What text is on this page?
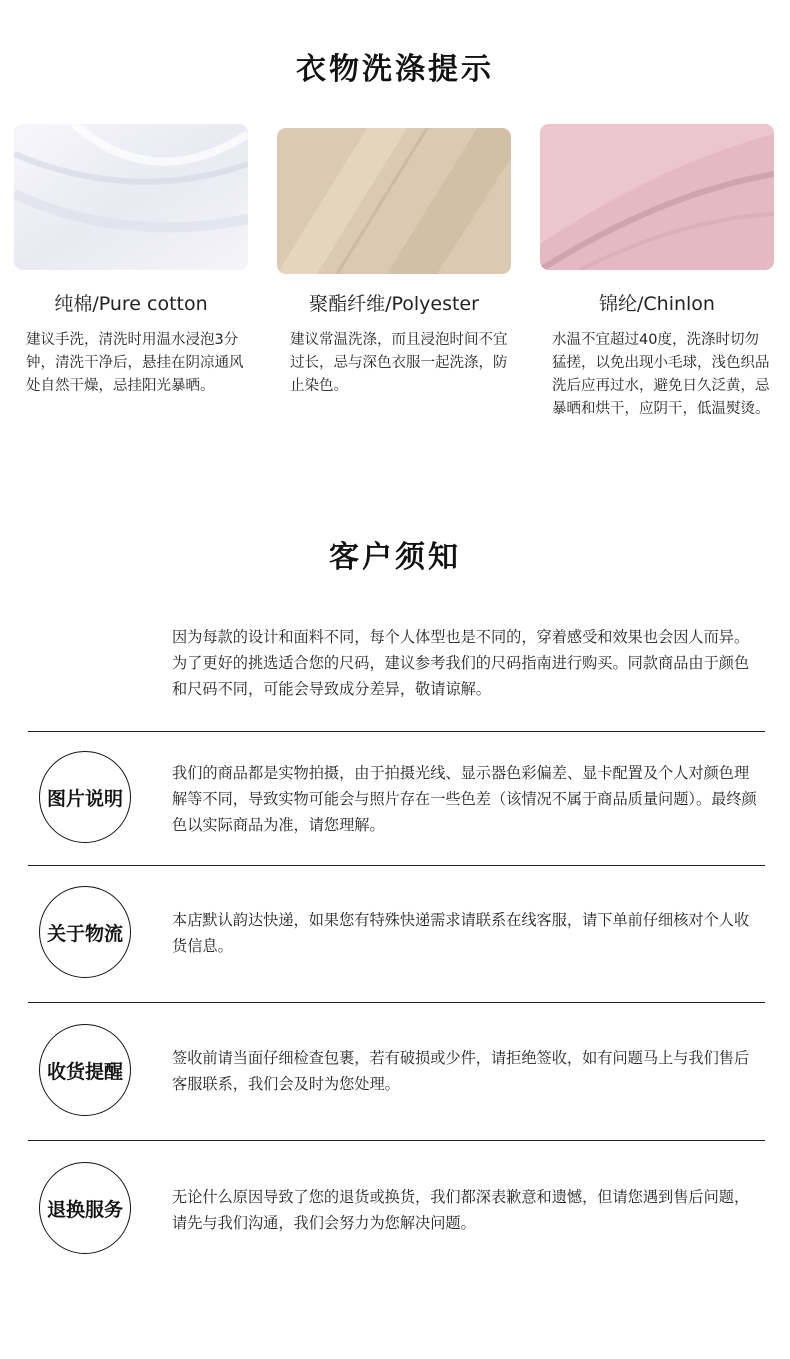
衣物洗涤提示
纯棉/Pure cotton	聚酯纤维/Polyester	锦纶/Chinlon
建议手洗，清洗时用温水浸泡3分钟，清洗干净后，悬挂在阴凉通风处自然干燥，忌挂阳光暴晒。
建议常温洗涤，而且浸泡时间不宜过长，忌与深色衣服一起洗涤，防止染色。
水温不宜超过40度，洗涤时切勿猛搓，以免出现小毛球，浅色织品洗后应再过水，避免日久泛黄，忌暴晒和烘干，应阴干，低温熨烫。
客户须知
因为每款的设计和面料不同，每个人体型也是不同的，穿着感受和效果也会因人而异。为了更好的挑选适合您的尺码，建议参考我们的尺码指南进行购买。同款商品由于颜色和尺码不同，可能会导致成分差异，敬请谅解。
图片说明
我们的商品都是实物拍摄，由于拍摄光线、显示器色彩偏差、显卡配置及个人对颜色理解等不同，导致实物可能会与照片存在一些色差（该情况不属于商品质量问题）。最终颜色以实际商品为准，请您理解。
关于物流
本店默认韵达快递，如果您有特殊快递需求请联系在线客服，请下单前仔细核对个人收货信息。
收货提醒
签收前请当面仔细检查包裹，若有破损或少件，请拒绝签收，如有问题马上与我们售后客服联系，我们会及时为您处理。
退换服务
无论什么原因导致了您的退货或换货，我们都深表歉意和遗憾，但请您遇到售后问题，请先与我们沟通，我们会努力为您解决问题。
